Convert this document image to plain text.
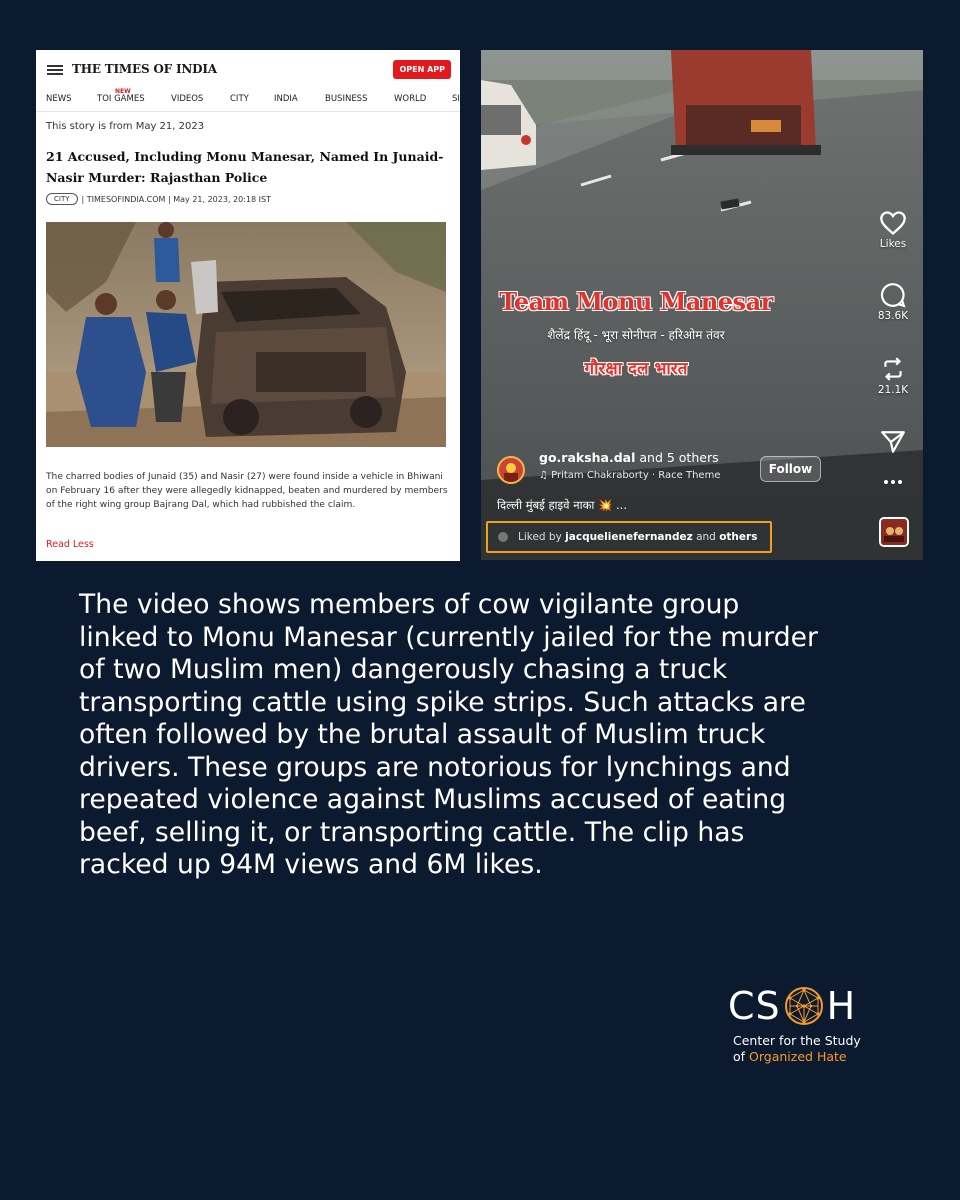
THE TIMES OF INDIA	OPEN APP
NEWS
NEW
TOI GAMES	VIDEOS	CITY	INDIA	BUSINESS	WORLD	SI
This story is from May 21, 2023
21 Accused, Including Monu Manesar, Named In Junaid-Nasir Murder: Rajasthan Police
CITY	| TIMESOFINDIA.COM | May 21, 2023, 20:18 IST
The charred bodies of Junaid (35) and Nasir (27) were found inside a vehicle in Bhiwani on February 16 after they were allegedly kidnapped, beaten and murdered by members of the right wing group Bajrang Dal, which had rubbished the claim.
Read Less
Team Monu Manesar
शैलेंद्र हिंदू - भूरा सोनीपत - हरिओम तंवर
गौरक्षा दल भारत
Likes
83.6K
21.1K
go.raksha.dal and 5 others
♫ Pritam Chakraborty · Race Theme	Follow
दिल्ली मुंबई हाइवे नाका 💥 ...
Liked by jacquelienefernandez and others
The video shows members of cow vigilante group linked to Monu Manesar (currently jailed for the murder of two Muslim men) dangerously chasing a truck transporting cattle using spike strips. Such attacks are often followed by the brutal assault of Muslim truck drivers. These groups are notorious for lynchings and repeated violence against Muslims accused of eating beef, selling it, or transporting cattle. The clip has racked up 94M views and 6M likes.
CS H
Center for the Study
of Organized Hate
